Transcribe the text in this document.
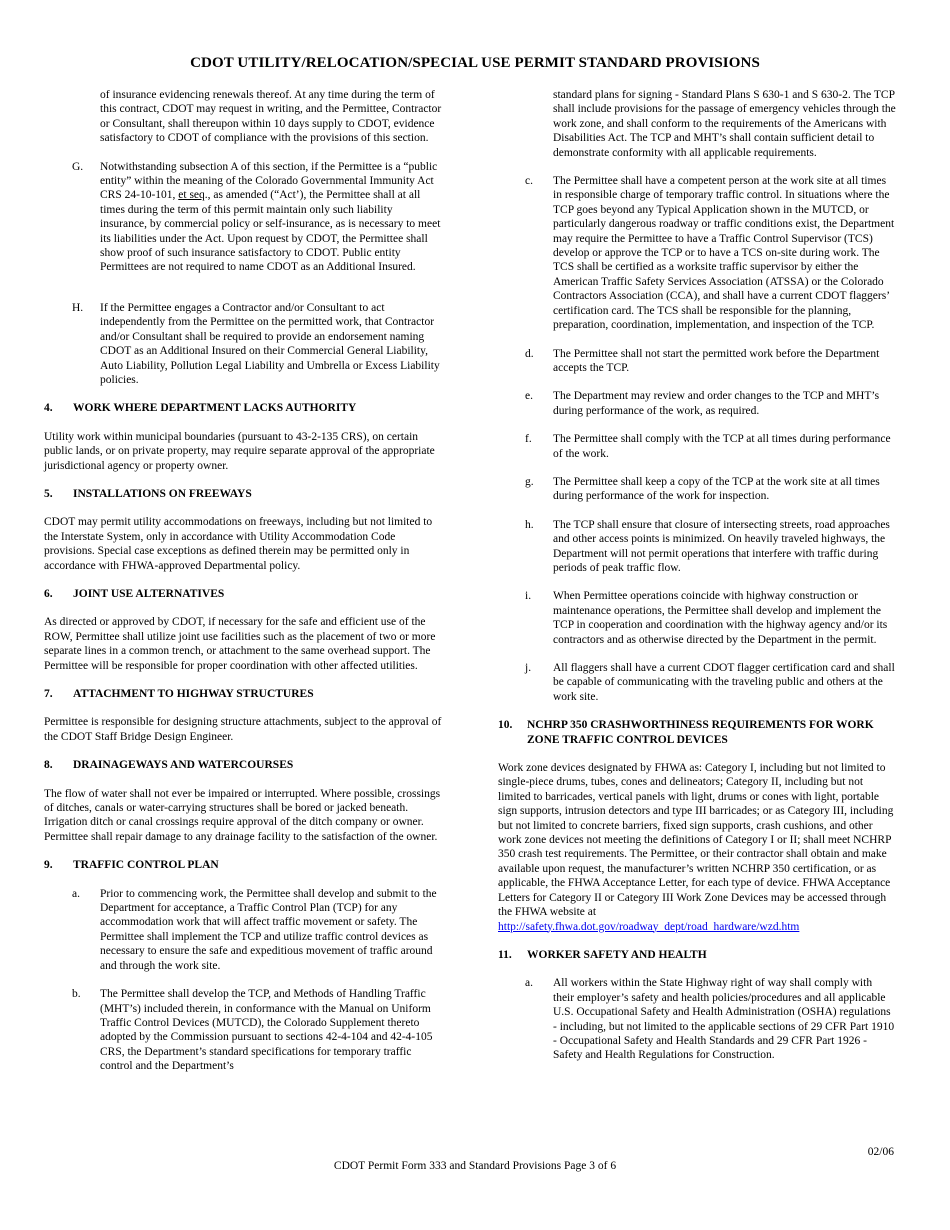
CDOT UTILITY/RELOCATION/SPECIAL USE PERMIT STANDARD PROVISIONS

of insurance evidencing renewals thereof. At any time during the term of this contract, CDOT may request in writing, and the Permittee, Contractor or Consultant, shall thereupon within 10 days supply to CDOT, evidence satisfactory to CDOT of compliance with the provisions of this section.

G. Notwithstanding subsection A of this section, if the Permittee is a “public entity” within the meaning of the Colorado Governmental Immunity Act CRS 24-10-101, et seq., as amended (“Act’), the Permittee shall at all times during the term of this permit maintain only such liability insurance, by commercial policy or self-insurance, as is necessary to meet its liabilities under the Act. Upon request by CDOT, the Permittee shall show proof of such insurance satisfactory to CDOT. Public entity Permittees are not required to name CDOT as an Additional Insured.
H. If the Permittee engages a Contractor and/or Consultant to act independently from the Permittee on the permitted work, that Contractor and/or Consultant shall be required to provide an endorsement naming CDOT as an Additional Insured on their Commercial General Liability, Auto Liability, Pollution Legal Liability and Umbrella or Excess Liability policies.
4.	WORK WHERE DEPARTMENT LACKS AUTHORITY

Utility work within municipal boundaries (pursuant to 43-2-135 CRS), on certain public lands, or on private property, may require separate approval of the appropriate jurisdictional agency or property owner.

5.	INSTALLATIONS ON FREEWAYS

CDOT may permit utility accommodations on freeways, including but not limited to the Interstate System, only in accordance with Utility Accommodation Code provisions. Special case exceptions as defined therein may be permitted only in accordance with FHWA-approved Departmental policy.

6.	JOINT USE ALTERNATIVES

As directed or approved by CDOT, if necessary for the safe and efficient use of the ROW, Permittee shall utilize joint use facilities such as the placement of two or more separate lines in a common trench, or attachment to the same overhead support. The Permittee will be responsible for proper coordination with other affected utilities.

7.	ATTACHMENT TO HIGHWAY STRUCTURES

Permittee is responsible for designing structure attachments, subject to the approval of the CDOT Staff Bridge Design Engineer.

8.	DRAINAGEWAYS AND WATERCOURSES

The flow of water shall not ever be impaired or interrupted. Where possible, crossings of ditches, canals or water-carrying structures shall be bored or jacked beneath. Irrigation ditch or canal crossings require approval of the ditch company or owner. Permittee shall repair damage to any drainage facility to the satisfaction of the owner.

9.	TRAFFIC CONTROL PLAN
a. Prior to commencing work, the Permittee shall develop and submit to the Department for acceptance, a Traffic Control Plan (TCP) for any accommodation work that will affect traffic movement or safety. The Permittee shall implement the TCP and utilize traffic control devices as necessary to ensure the safe and expeditious movement of traffic around and through the work site.
b. The Permittee shall develop the TCP, and Methods of Handling Traffic (MHT’s) included therein, in conformance with the Manual on Uniform Traffic Control Devices (MUTCD), the Colorado Supplement thereto adopted by the Commission pursuant to sections 42-4-104 and 42-4-105 CRS, the Department’s standard specifications for temporary traffic control and the Department’s

standard plans for signing - Standard Plans S 630-1 and S 630-2. The TCP shall include provisions for the passage of emergency vehicles through the work zone, and shall conform to the requirements of the Americans with Disabilities Act. The TCP and MHT’s shall contain sufficient detail to demonstrate conformity with all applicable requirements.

c. The Permittee shall have a competent person at the work site at all times in responsible charge of temporary traffic control. In situations where the TCP goes beyond any Typical Application shown in the MUTCD, or particularly dangerous roadway or traffic conditions exist, the Department may require the Permittee to have a Traffic Control Supervisor (TCS) develop or approve the TCP or to have a TCS on-site during work. The TCS shall be certified as a worksite traffic supervisor by either the American Traffic Safety Services Association (ATSSA) or the Colorado Contractors Association (CCA), and shall have a current CDOT flaggers’ certification card. The TCS shall be responsible for the planning, preparation, coordination, implementation, and inspection of the TCP.
d. The Permittee shall not start the permitted work before the Department accepts the TCP.
e. The Department may review and order changes to the TCP and MHT’s during performance of the work, as required.
f. The Permittee shall comply with the TCP at all times during performance of the work.
g. The Permittee shall keep a copy of the TCP at the work site at all times during performance of the work for inspection.
h. The TCP shall ensure that closure of intersecting streets, road approaches and other access points is minimized. On heavily traveled highways, the Department will not permit operations that interfere with traffic during periods of peak traffic flow.
i. When Permittee operations coincide with highway construction or maintenance operations, the Permittee shall develop and implement the TCP in cooperation and coordination with the highway agency and/or its contractors and as otherwise directed by the Department in the permit.
j. All flaggers shall have a current CDOT flagger certification card and shall be capable of communicating with the traveling public and others at the work site.
10.	NCHRP 350 CRASHWORTHINESS REQUIREMENTS FOR WORK ZONE TRAFFIC CONTROL DEVICES

Work zone devices designated by FHWA as: Category I, including but not limited to single-piece drums, tubes, cones and delineators; Category II, including but not limited to barricades, vertical panels with light, drums or cones with light, portable sign supports, intrusion detectors and type III barricades; or as Category III, including but not limited to concrete barriers, fixed sign supports, crash cushions, and other work zone devices not meeting the definitions of Category I or II; shall meet NCHRP 350 crash test requirements. The Permittee, or their contractor shall obtain and make available upon request, the manufacturer’s written NCHRP 350 certification, or as applicable, the FHWA Acceptance Letter, for each type of device. FHWA Acceptance Letters for Category II or Category III Work Zone Devices may be accessed through the FHWA website at
http://safety.fhwa.dot.gov/roadway_dept/road_hardware/wzd.htm

11.	WORKER SAFETY AND HEALTH
a. All workers within the State Highway right of way shall comply with their employer’s safety and health policies/procedures and all applicable U.S. Occupational Safety and Health Administration (OSHA) regulations - including, but not limited to the applicable sections of 29 CFR Part 1910 - Occupational Safety and Health Standards and 29 CFR Part 1926 - Safety and Health Regulations for Construction.
02/06
CDOT Permit Form 333 and Standard Provisions Page 3 of 6
